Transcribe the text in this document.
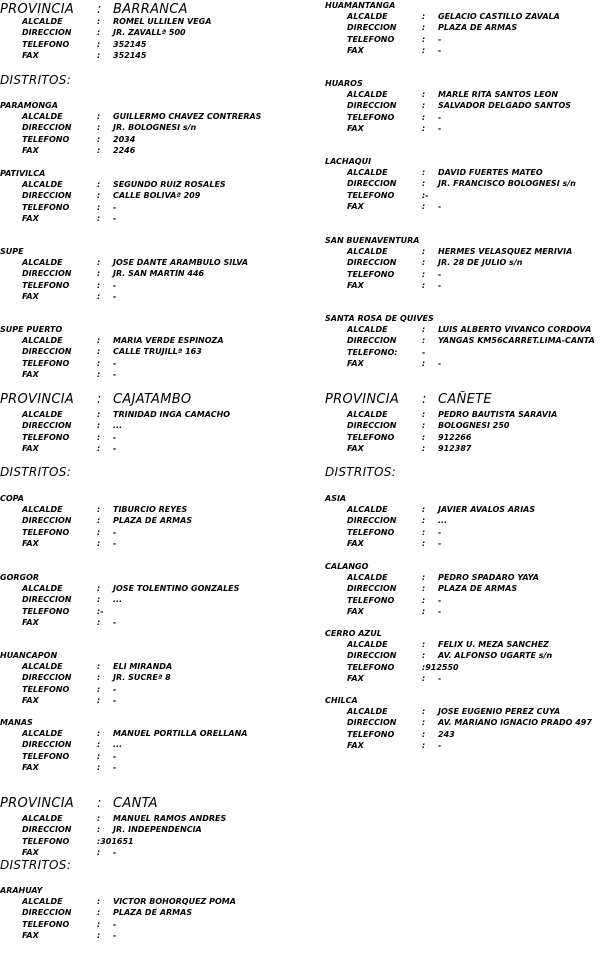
PROVINCIA : BARRANCA
ALCALDE	: ROMEL ULLILEN VEGA
DIRECCION	: JR. ZAVALLª 500
TELEFONO	: 352145
FAX	: 352145
DISTRITOS:
PARAMONGA
ALCALDE	: GUILLERMO CHAVEZ CONTRERAS
DIRECCION	: JR. BOLOGNESI s/n
TELEFONO	: 2034
FAX	: 2246
PATIVILCA
ALCALDE	: SEGUNDO RUIZ ROSALES
DIRECCION	: CALLE BOLIVAª 209
TELEFONO	: -
FAX	: -
SUPE
ALCALDE	: JOSE DANTE ARAMBULO SILVA
DIRECCION	: JR. SAN MARTIN 446
TELEFONO	: -
FAX	: -
SUPE PUERTO
ALCALDE	: MARIA VERDE ESPINOZA
DIRECCION	: CALLE TRUJILLª 163
TELEFONO	: -
FAX	: -
PROVINCIA : CAJATAMBO
ALCALDE	: TRINIDAD INGA CAMACHO
DIRECCION	: ...
TELEFONO	: -
FAX	: -
DISTRITOS:
COPA
ALCALDE	: TIBURCIO REYES
DIRECCION	: PLAZA DE ARMAS
TELEFONO	: -
FAX	: -
GORGOR
ALCALDE	: JOSE TOLENTINO GONZALES
DIRECCION	: ...
TELEFONO	:-
FAX	: -
HUANCAPON
ALCALDE	: ELI MIRANDA
DIRECCION	: JR. SUCREª 8
TELEFONO	: -
FAX	: -
MANAS
ALCALDE	: MANUEL PORTILLA ORELLANA
DIRECCION	: ...
TELEFONO	: -
FAX	: -
PROVINCIA : CANTA
ALCALDE	: MANUEL RAMOS ANDRES
DIRECCION	: JR. INDEPENDENCIA
TELEFONO	:301651
FAX	: -
DISTRITOS:
ARAHUAY
ALCALDE	: VICTOR BOHORQUEZ POMA
DIRECCION	: PLAZA DE ARMAS
TELEFONO	: -
FAX	: -
HUAMANTANGA
ALCALDE	: GELACIO CASTILLO ZAVALA
DIRECCION	: PLAZA DE ARMAS
TELEFONO	: -
FAX	: -
HUAROS
ALCALDE	: MARLE RITA SANTOS LEON
DIRECCION	: SALVADOR DELGADO SANTOS
TELEFONO	: -
FAX	: -
LACHAQUI
ALCALDE	: DAVID FUERTES MATEO
DIRECCION	: JR. FRANCISCO BOLOGNESI s/n
TELEFONO	:-
FAX	: -
SAN BUENAVENTURA
ALCALDE	: HERMES VELASQUEZ MERIVIA
DIRECCION	: JR. 28 DE JULIO s/n
TELEFONO	: -
FAX	: -
SANTA ROSA DE QUIVES
ALCALDE	: LUIS ALBERTO VIVANCO CORDOVA
DIRECCION	: YANGAS KM56CARRET.LIMA-CANTA
TELEFONO:	-
FAX	: -
PROVINCIA : CAÑETE
ALCALDE	: PEDRO BAUTISTA SARAVIA
DIRECCION	: BOLOGNESI 250
TELEFONO	: 912266
FAX	: 912387
DISTRITOS:
ASIA
ALCALDE	: JAVIER AVALOS ARIAS
DIRECCION	: ...
TELEFONO	: -
FAX	: -
CALANGO
ALCALDE	: PEDRO SPADARO YAYA
DIRECCION	: PLAZA DE ARMAS
TELEFONO	: -
FAX	: -
CERRO AZUL
ALCALDE	: FELIX U. MEZA SANCHEZ
DIRECCION	: AV. ALFONSO UGARTE s/n
TELEFONO	:912550
FAX	: -
CHILCA
ALCALDE	: JOSE EUGENIO PEREZ CUYA
DIRECCION	: AV. MARIANO IGNACIO PRADO 497
TELEFONO	: 243
FAX	: -
